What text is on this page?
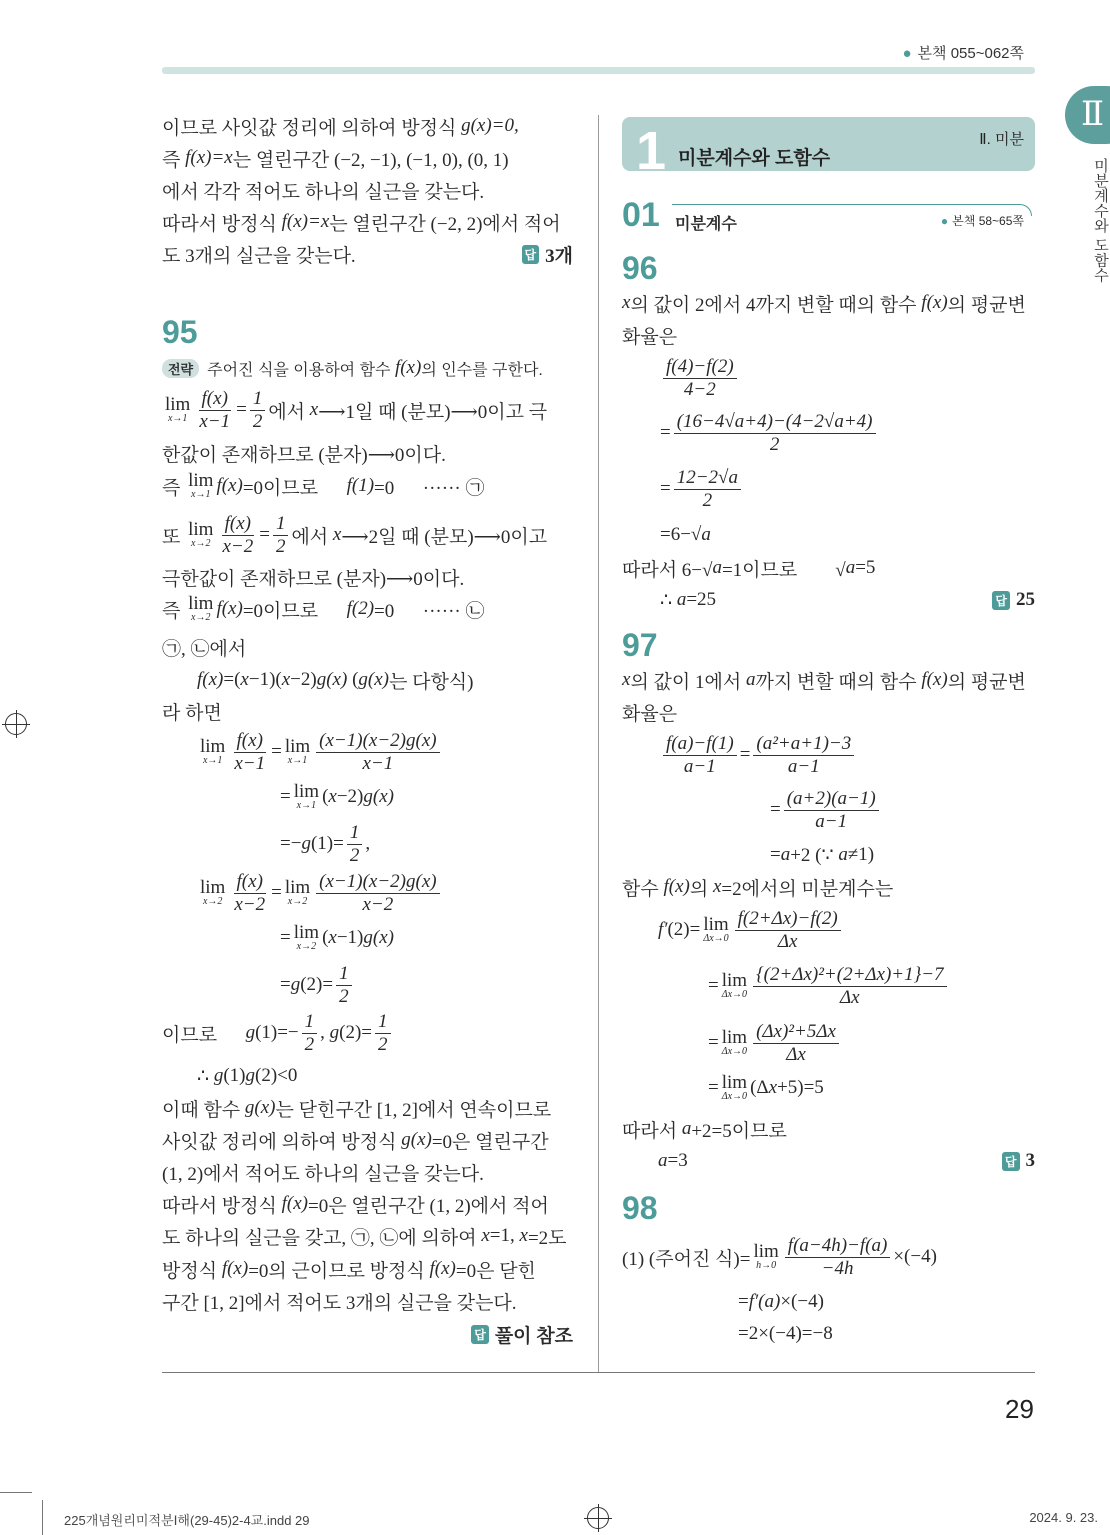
● 본책 055~062쪽
Ⅱ
미분계수와 도함수
1 미분계수와 도함수
Ⅱ. 미분
01 미분계수	● 본책 58~65쪽
95
96
97
98
이므로 사잇값 정리에 의하여 방정식 g(x)=0,
즉 f(x)=x 는 열린구간 (−2, −1), (−1, 0), (0, 1)
에서 각각 적어도 하나의 실근을 갖는다.
따라서 방정식 f(x)=x 는 열린구간 (−2, 2)에서 적어
도 3개의 실근을 갖는다.	답 3개
전략 주어진 식을 이용하여 함수 f(x) 의 인수를 구한다.
lim
$x\to 1 \frac{f(x)}{x-1} = \frac{1}{2}$ 에서 x ⟶1일 때 (분모)⟶0이고 극
한값이 존재하므로 (분자)⟶0이다.
즉 lim
x→1 f(x) =0이므로 f(1) =0      ······ ㉠
또 lim
$x\to 2 \frac{f(x)}{x-2} = \frac{1}{2}$ 에서 x ⟶2일 때 (분모)⟶0이고
극한값이 존재하므로 (분자)⟶0이다.
즉 lim
x→2 f(x) =0이므로 f(2) =0      ······ ㉡
㉠, ㉡에서
f(x) =( x −1)( x −2) g(x) ( g(x) 는 다항식)
라 하면
lim
$x\to 1 \frac{f(x)}{x-1} = \lim$
$x\to 1 \frac{(x-1)(x-2)g(x)}{x-1}$
= lim
x→1 ( x −2) g(x)
=− g $(1)= \frac{1}{2}$ ,
lim
$x\to 2 \frac{f(x)}{x-2} = \lim$
$x\to 2 \frac{(x-1)(x-2)g(x)}{x-2}$
= lim
x→2 ( x −1) g(x)
= g $(2)= \frac{1}{2}$
이므로 g $(1)=- \frac{1}{2}$ , g $(2)= \frac{1}{2}$
∴ g (1) g (2)<0
이때 함수 g(x) 는 닫힌구간 [1, 2]에서 연속이므로
사잇값 정리에 의하여 방정식 g(x) =0은 열린구간
(1, 2)에서 적어도 하나의 실근을 갖는다.
따라서 방정식 f(x) =0은 열린구간 (1, 2)에서 적어
도 하나의 실근을 갖고, ㉠, ㉡에 의하여 x =1, x =2도
방정식 f(x) =0의 근이므로 방정식 f(x) =0은 닫힌
구간 [1, 2]에서 적어도 3개의 실근을 갖는다.
답 풀이 참조
x 의 값이 2에서 4까지 변할 때의 함수 f(x) 의 평균변
화율은
$\frac{f(4)-f(2)}{4-2}$
= $\frac{(16-4√a+4)-(4-2√a+4)}{2}$
= $\frac{12-2√a}{2}$
=6−√ a
따라서 6−√ a =1이므로        √ a =5
∴ a =25	답 25
x 의 값이 1에서 a 까지 변할 때의 함수 f(x) 의 평균변
화율은
$\frac{f(a)-f(1)}{a-1} = \frac{\text{(a²+a+1)−3}}{a-1}$
= $\frac{(a+2)(a-1)}{a-1}$
= a +2 (∵ a ≠1)
함수 f(x) 의 x =2에서의 미분계수는
f′ (2)= lim
$\Delta x\to 0 \frac{f(2+\Delta x)-f(2)}{\Delta x}$
= lim
$\Delta x\to 0 \frac{\text{\{(2+Δx)²+(2+Δx)+1\}−7}}{\Delta x}$
= lim
$\Delta x\to 0 \frac{\text{(Δx)²+5Δx}}{\Delta x}$
= lim
Δx→0 (Δ x +5)=5
따라서 a +2=5이므로
a =3	답 3
(1) (주어진 식)= lim
$h\to 0 \frac{f(a-4h)-f(a)}{-4h} \times(-4)$
= f′(a) ×(−4)
=2×(−4)=−8
29
225개념원리미적분Ⅰ해(29-45)2-4교.indd 29	2024. 9. 23.
